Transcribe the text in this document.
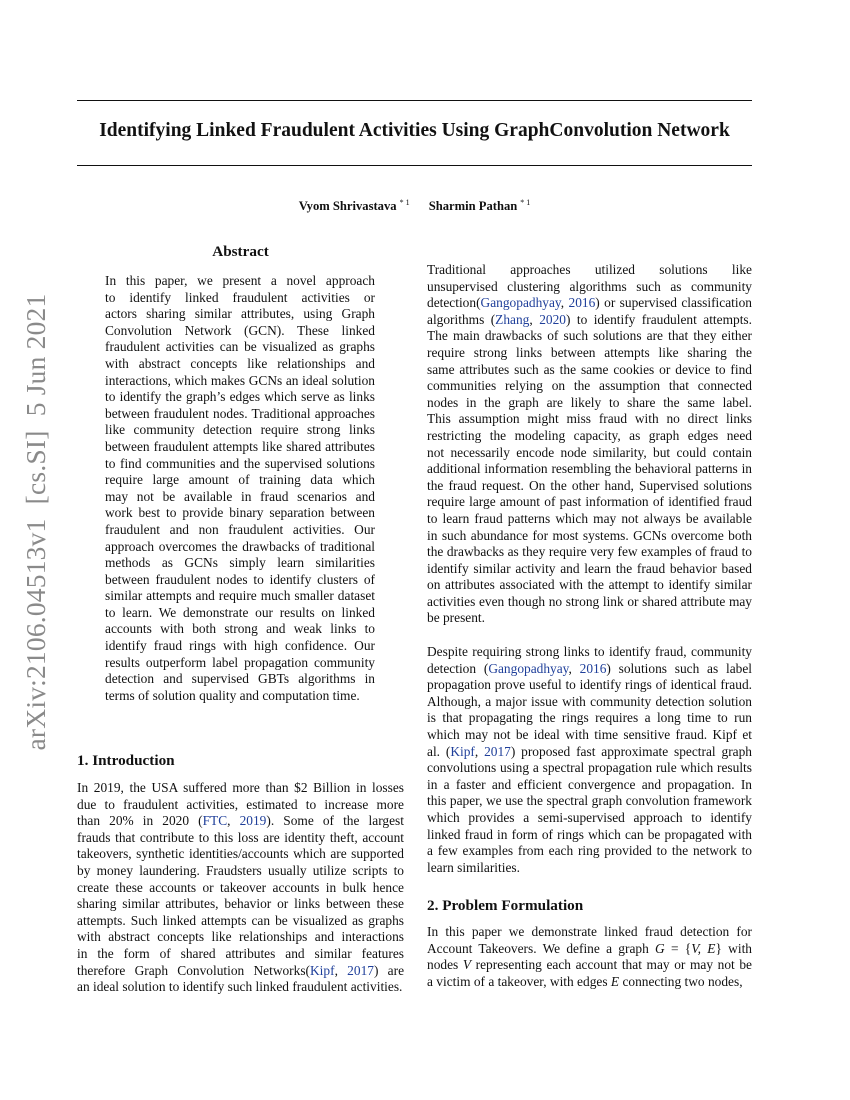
arXiv:2106.04513v1  [cs.SI]  5 Jun 2021
Identifying Linked Fraudulent Activities Using GraphConvolution Network
Vyom Shrivastava $^{* 1}$ Sharmin Pathan $^{* 1}$
Abstract
In this paper, we present a novel approach
to identify linked fraudulent activities or
actors sharing similar attributes, using Graph
Convolution Network (GCN). These linked
fraudulent activities can be visualized as graphs
with abstract concepts like relationships and
interactions, which makes GCNs an ideal solution
to identify the graph’s edges which serve as links
between fraudulent nodes. Traditional approaches
like community detection require strong links
between fraudulent attempts like shared attributes
to find communities and the supervised solutions
require large amount of training data which
may not be available in fraud scenarios and
work best to provide binary separation between
fraudulent and non fraudulent activities. Our
approach overcomes the drawbacks of traditional
methods as GCNs simply learn similarities
between fraudulent nodes to identify clusters of
similar attempts and require much smaller dataset
to learn. We demonstrate our results on linked
accounts with both strong and weak links to
identify fraud rings with high confidence. Our
results outperform label propagation community
detection and supervised GBTs algorithms in
terms of solution quality and computation time.
1. Introduction
In 2019, the USA suffered more than $2 Billion in losses
due to fraudulent activities, estimated to increase more
than 20% in 2020 (FTC, 2019). Some of the largest
frauds that contribute to this loss are identity theft, account
takeovers, synthetic identities/accounts which are supported
by money laundering. Fraudsters usually utilize scripts to
create these accounts or takeover accounts in bulk hence
sharing similar attributes, behavior or links between these
attempts. Such linked attempts can be visualized as graphs
with abstract concepts like relationships and interactions
in the form of shared attributes and similar features
therefore Graph Convolution Networks(Kipf, 2017) are
an ideal solution to identify such linked fraudulent activities.
Traditional approaches utilized solutions like
unsupervised clustering algorithms such as community
detection(Gangopadhyay, 2016) or supervised classification
algorithms (Zhang, 2020) to identify fraudulent attempts.
The main drawbacks of such solutions are that they either
require strong links between attempts like sharing the
same attributes such as the same cookies or device to find
communities relying on the assumption that connected
nodes in the graph are likely to share the same label.
This assumption might miss fraud with no direct links
restricting the modeling capacity, as graph edges need
not necessarily encode node similarity, but could contain
additional information resembling the behavioral patterns in
the fraud request. On the other hand, Supervised solutions
require large amount of past information of identified fraud
to learn fraud patterns which may not always be available
in such abundance for most systems. GCNs overcome both
the drawbacks as they require very few examples of fraud to
identify similar activity and learn the fraud behavior based
on attributes associated with the attempt to identify similar
activities even though no strong link or shared attribute may
be present.
Despite requiring strong links to identify fraud, community
detection (Gangopadhyay, 2016) solutions such as label
propagation prove useful to identify rings of identical fraud.
Although, a major issue with community detection solution
is that propagating the rings requires a long time to run
which may not be ideal with time sensitive fraud. Kipf et
al. (Kipf, 2017) proposed fast approximate spectral graph
convolutions using a spectral propagation rule which results
in a faster and efficient convergence and propagation. In
this paper, we use the spectral graph convolution framework
which provides a semi-supervised approach to identify
linked fraud in form of rings which can be propagated with
a few examples from each ring provided to the network to
learn similarities.
2. Problem Formulation
In this paper we demonstrate linked fraud detection for
Account Takeovers. We define a graph G = {V, E} with
nodes V representing each account that may or may not be
a victim of a takeover, with edges E connecting two nodes,
